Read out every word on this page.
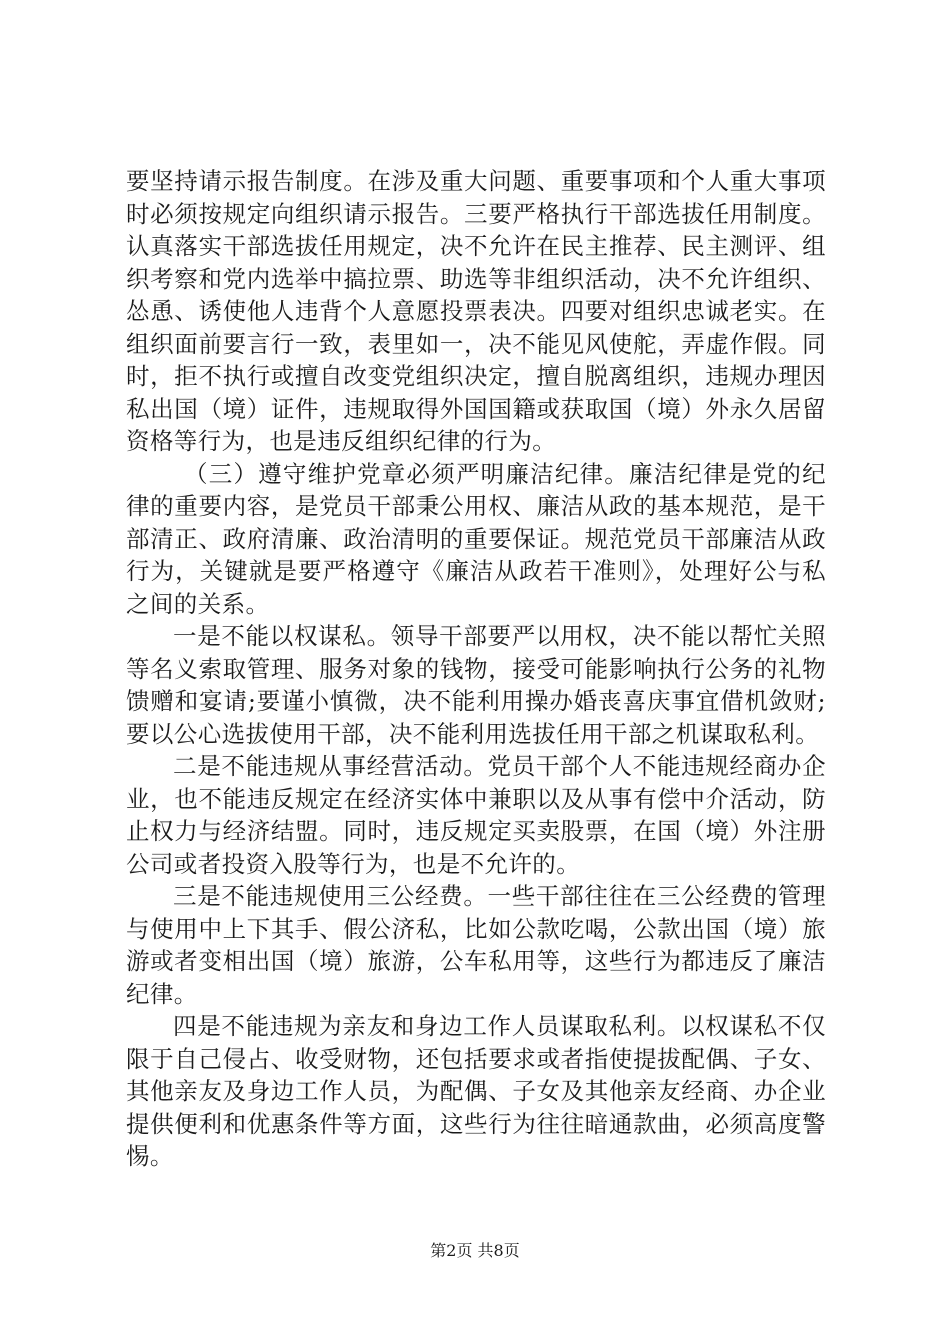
要坚持请示报告制度。在涉及重大问题、重要事项和个人重大事项时必须按规定向组织请示报告。三要严格执行干部选拔任用制度。认真落实干部选拔任用规定，决不允许在民主推荐、民主测评、组织考察和党内选举中搞拉票、助选等非组织活动，决不允许组织、怂恿、诱使他人违背个人意愿投票表决。四要对组织忠诚老实。在组织面前要言行一致，表里如一，决不能见风使舵，弄虚作假。同时，拒不执行或擅自改变党组织决定，擅自脱离组织，违规办理因私出国（境）证件，违规取得外国国籍或获取国（境）外永久居留资格等行为，也是违反组织纪律的行为。

（三）遵守维护党章必须严明廉洁纪律。廉洁纪律是党的纪律的重要内容，是党员干部秉公用权、廉洁从政的基本规范，是干部清正、政府清廉、政治清明的重要保证。规范党员干部廉洁从政行为，关键就是要严格遵守《廉洁从政若干准则》，处理好公与私之间的关系。

一是不能以权谋私。领导干部要严以用权，决不能以帮忙关照等名义索取管理、服务对象的钱物，接受可能影响执行公务的礼物馈赠和宴请;要谨小慎微，决不能利用操办婚丧喜庆事宜借机敛财;要以公心选拔使用干部，决不能利用选拔任用干部之机谋取私利。

二是不能违规从事经营活动。党员干部个人不能违规经商办企业，也不能违反规定在经济实体中兼职以及从事有偿中介活动，防止权力与经济结盟。同时，违反规定买卖股票，在国（境）外注册公司或者投资入股等行为，也是不允许的。

三是不能违规使用三公经费。一些干部往往在三公经费的管理与使用中上下其手、假公济私，比如公款吃喝，公款出国（境）旅游或者变相出国（境）旅游，公车私用等，这些行为都违反了廉洁纪律。

四是不能违规为亲友和身边工作人员谋取私利。以权谋私不仅限于自己侵占、收受财物，还包括要求或者指使提拔配偶、子女、其他亲友及身边工作人员，为配偶、子女及其他亲友经商、办企业提供便利和优惠条件等方面，这些行为往往暗通款曲，必须高度警惕。

第2页 共8页
